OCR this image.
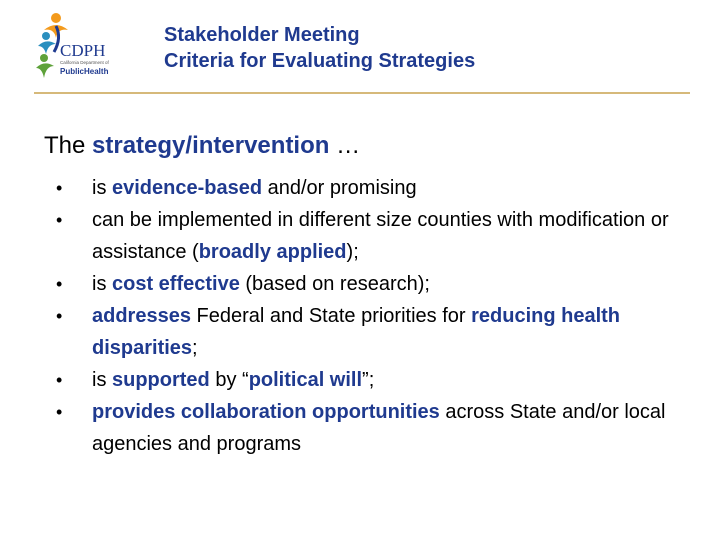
CDPH
California Department of
PublicHealth
Stakeholder Meeting
Criteria for Evaluating Strategies
The strategy/intervention …
• is evidence-based and/or promising
• can be implemented in different size counties with modification or assistance (broadly applied);
• is cost effective (based on research);
• addresses Federal and State priorities for reducing health disparities;
• is supported by “political will”;
• provides collaboration opportunities across State and/or local agencies and programs
